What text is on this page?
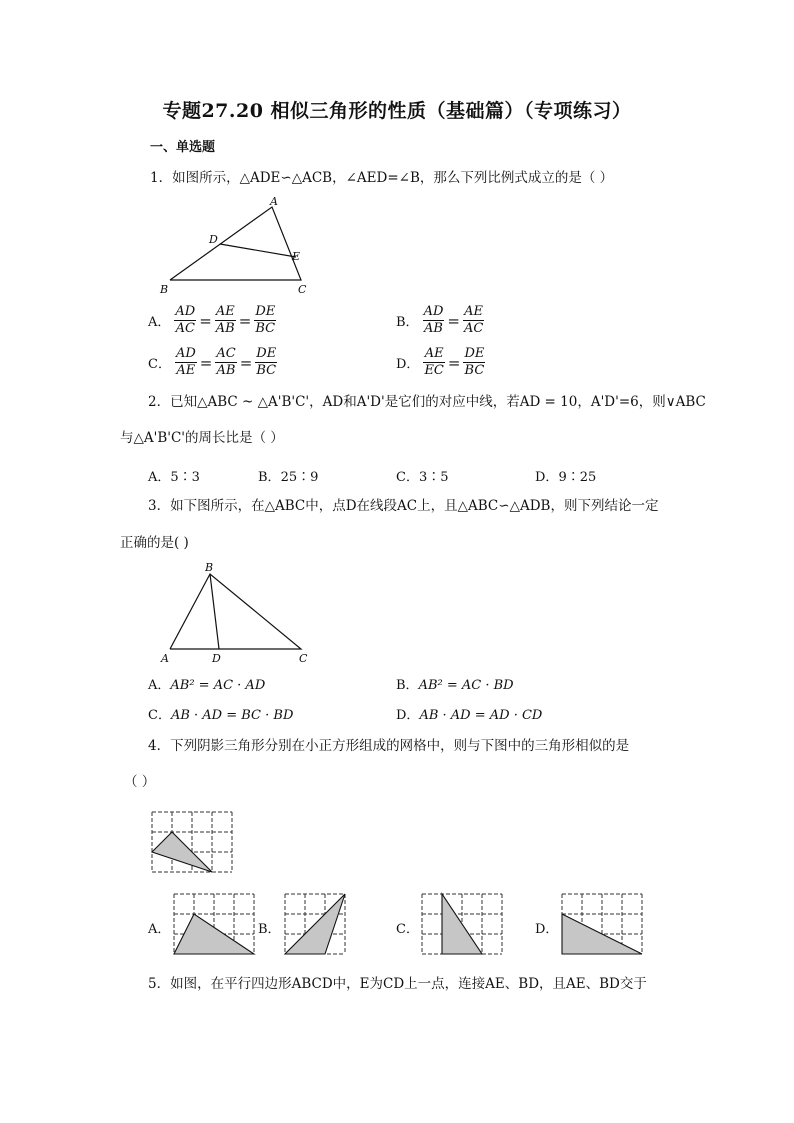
专题27.20 相似三角形的性质（基础篇）（专项练习）
一、单选题
1．如图所示，△ADE∽△ACB，∠AED=∠B，那么下列比例式成立的是（ ）
A
B	C
D
E
A． $\frac{AD}{AC} = \frac{AE}{AB} = \frac{DE}{BC}$	B． $\frac{AD}{AB} = \frac{AE}{AC}$
C． $\frac{AD}{AE} = \frac{AC}{AB} = \frac{DE}{BC}$	D． $\frac{AE}{EC} = \frac{DE}{BC}$
2．已知△ABC ~ △A'B'C'，AD和A'D'是它们的对应中线，若AD = 10，A'D'=6，则∨ABC
与△A'B'C'的周长比是（ ）
A．5∶3	B．25∶9	C．3∶5	D．9∶25
3．如下图所示，在△ABC中，点D在线段AC上，且△ABC∽△ADB，则下列结论一定
正确的是( )
B
A	D	C
A．AB² = AC · AD	B．AB² = AC · BD
C．AB · AD = BC · BD	D．AB · AD = AD · CD
4．下列阴影三角形分别在小正方形组成的网格中，则与下图中的三角形相似的是
（ ）
A．	B．	C．	D．
5．如图，在平行四边形ABCD中，E为CD上一点，连接AE、BD，且AE、BD交于
